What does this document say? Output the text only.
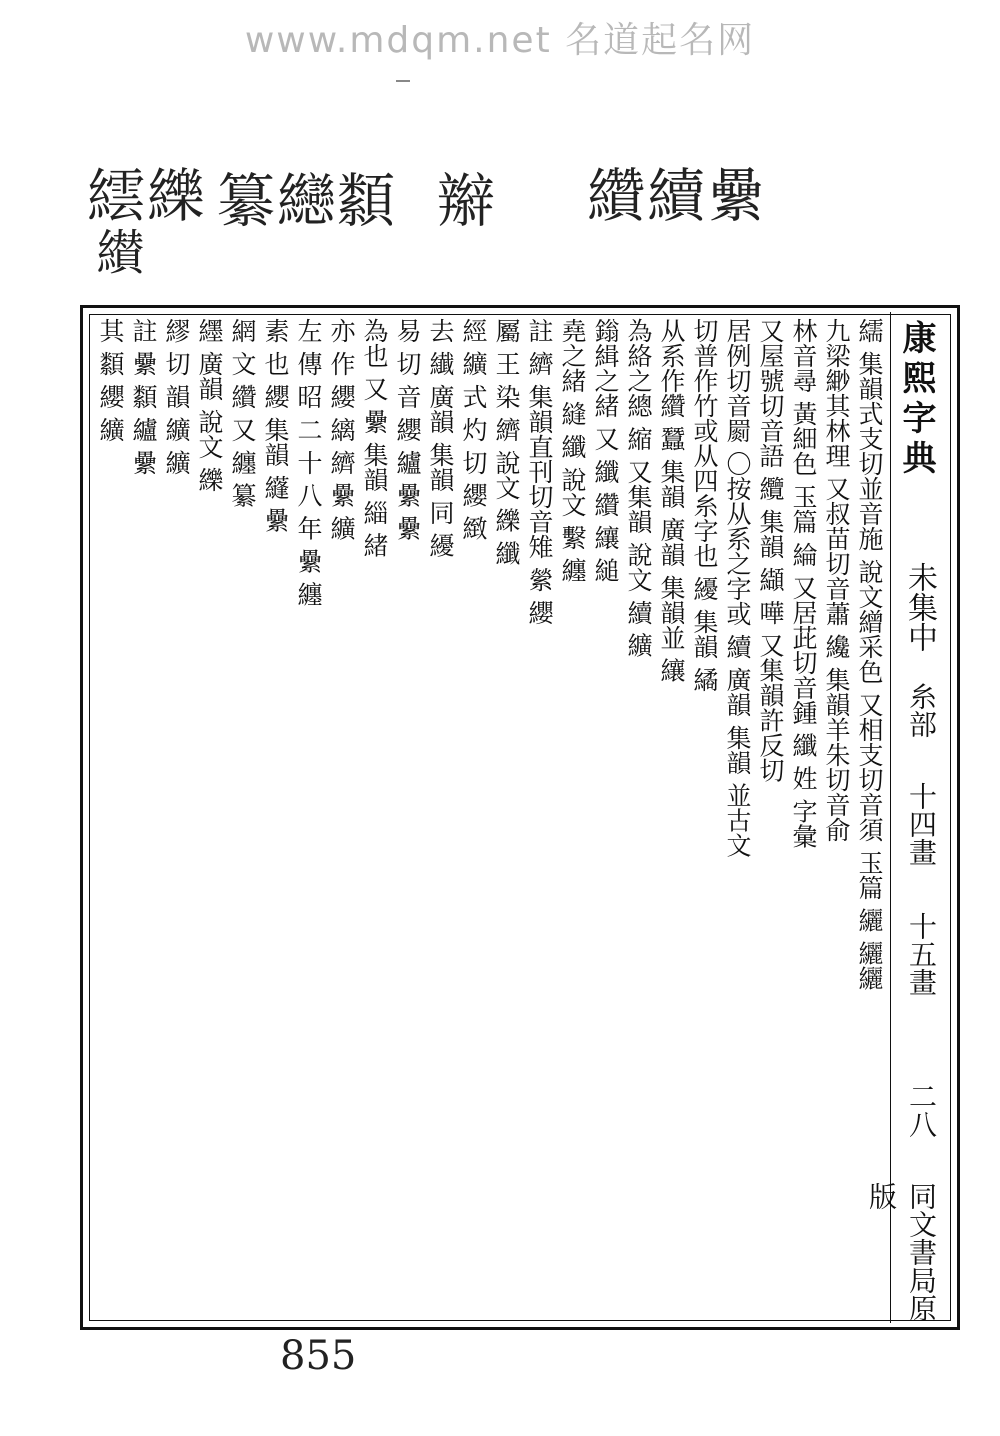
www.mdqm.net 名道起名网
纍
續
纘
辮
纇
纞
纂
纅
繧
纉
康熙字典
未集中
糸部
十四畫
十五畫
二八
同文書局原版
繻 集韻式支切並音施 說文繒采色 又相支切音須 玉篇 纚 纚纚
九梁緲其林理 又叔苗切音蕭 纔 集韻羊朱切音俞
林音尋 黃細色 玉篇 綸 又居茈切音鍾 纖 姓 字彙
又屋號切音語 纜 集韻 纈 嘩 又集韻許反切
居例切音罽 〇按从系之字或 續 廣韻 集韻 並古文
切普作竹或从四糸字也 纋 集韻 繘
从系作纘 蠶 集韻 廣韻 集韻並 纕
為絡之總 縮 又集韻 說文 續 纊
鎓緝之緒 又 纖 纘 纕 縋
堯之緒 縫 纖 說文 繫 纏
註 纃 集韻直刊切音雉 縈 纓
屬 王 染 纃 說文 纅 纖
經 纊 式 灼 切 纓 緻
去 纎 廣韻 集韻 同 纋
易 切 音 纓 纑 纍 纍
為也 又 纍 集韻 緇 緒
亦 作 纓 縭 纃 纍 纊
左 傳 昭 二 十 八 年 纍 纏
素 也 纓 集韻 纄 纍
網 文 纘 又 纏 纂
纆 廣韻 說文 纅
繆 切 韻 纊 纊
註 纍 纇 纑 纍
其 纇 纓 纊
855
